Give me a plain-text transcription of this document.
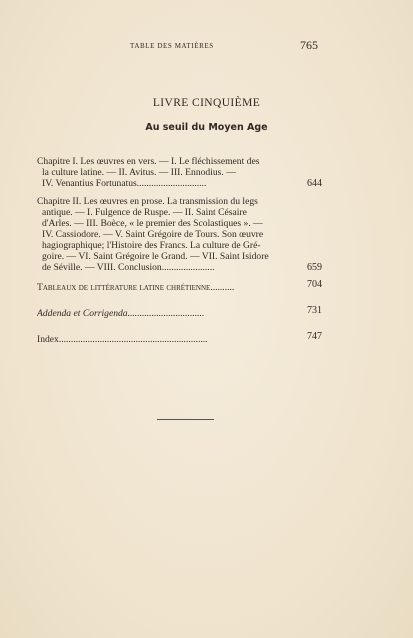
TABLE DES MATIÈRES	765
LIVRE CINQUIÈME
Au seuil du Moyen Age
Chapitre I. Les œuvres en vers. — I. Le fléchissement des
la culture latine. — II. Avitus. — III. Ennodius. —
IV. Venantius Fortunatus.............................	644
Chapitre II. Les œuvres en prose. La transmission du legs
antique. — I. Fulgence de Ruspe. — II. Saint Césaire
d'Arles. — III. Boèce, « le premier des Scolastiques ». —
IV. Cassiodore. — V. Saint Grégoire de Tours. Son œuvre
hagiographique; l'Histoire des Francs. La culture de Gré-
goire. — VI. Saint Grégoire le Grand. — VII. Saint Isidore
de Séville. — VIII. Conclusion......................	659
Tableaux de littérature latine chrétienne..........	704
Addenda et Corrigenda................................	731
Index..............................................................	747
